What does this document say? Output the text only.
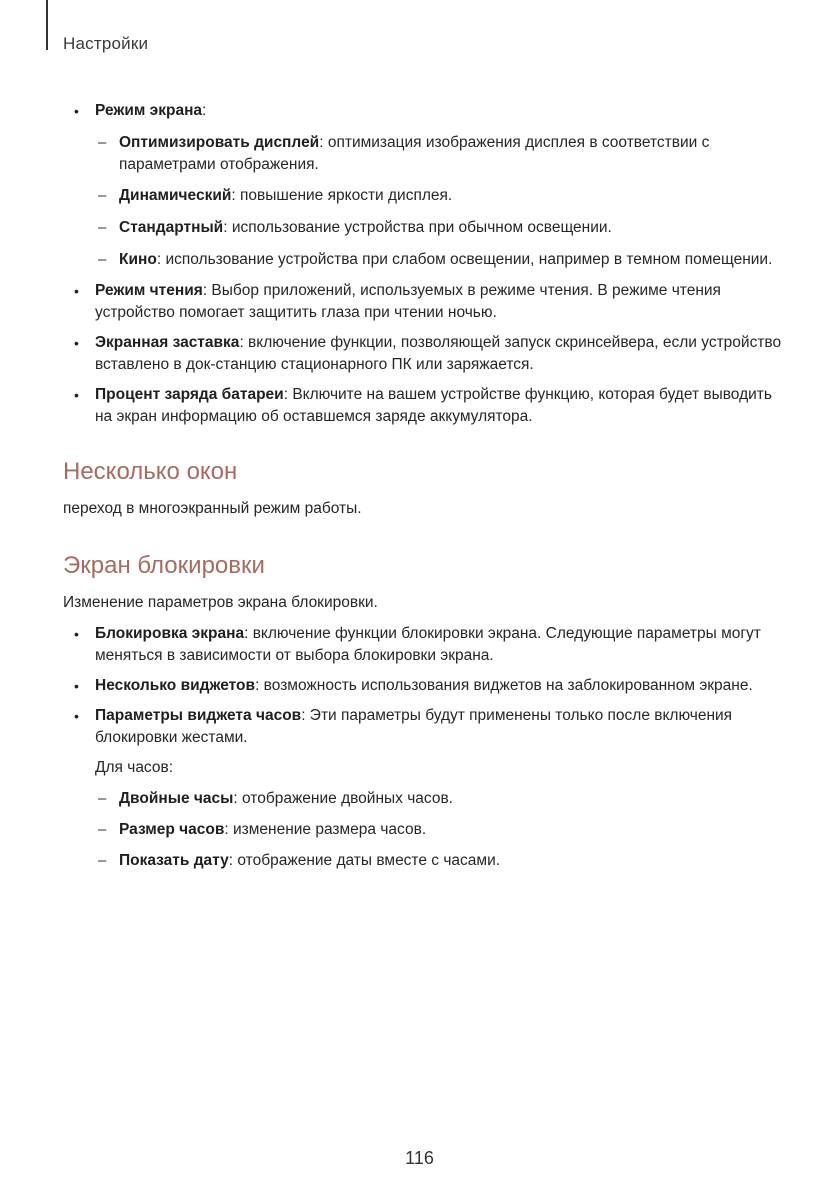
Настройки
• Режим экрана:
– Оптимизировать дисплей: оптимизация изображения дисплея в соответствии с
параметрами отображения.
– Динамический: повышение яркости дисплея.
– Стандартный: использование устройства при обычном освещении.
– Кино: использование устройства при слабом освещении, например в темном помещении.
• Режим чтения: Выбор приложений, используемых в режиме чтения. В режиме чтения
устройство помогает защитить глаза при чтении ночью.
• Экранная заставка: включение функции, позволяющей запуск скринсейвера, если устройство
вставлено в док-станцию стационарного ПК или заряжается.
• Процент заряда батареи: Включите на вашем устройстве функцию, которая будет выводить
на экран информацию об оставшемся заряде аккумулятора.
Несколько окон
переход в многоэкранный режим работы.
Экран блокировки
Изменение параметров экрана блокировки.
• Блокировка экрана: включение функции блокировки экрана. Следующие параметры могут
меняться в зависимости от выбора блокировки экрана.
• Несколько виджетов: возможность использования виджетов на заблокированном экране.
• Параметры виджета часов: Эти параметры будут применены только после включения
блокировки жестами.
Для часов:
– Двойные часы: отображение двойных часов.
– Размер часов: изменение размера часов.
– Показать дату: отображение даты вместе с часами.
116
